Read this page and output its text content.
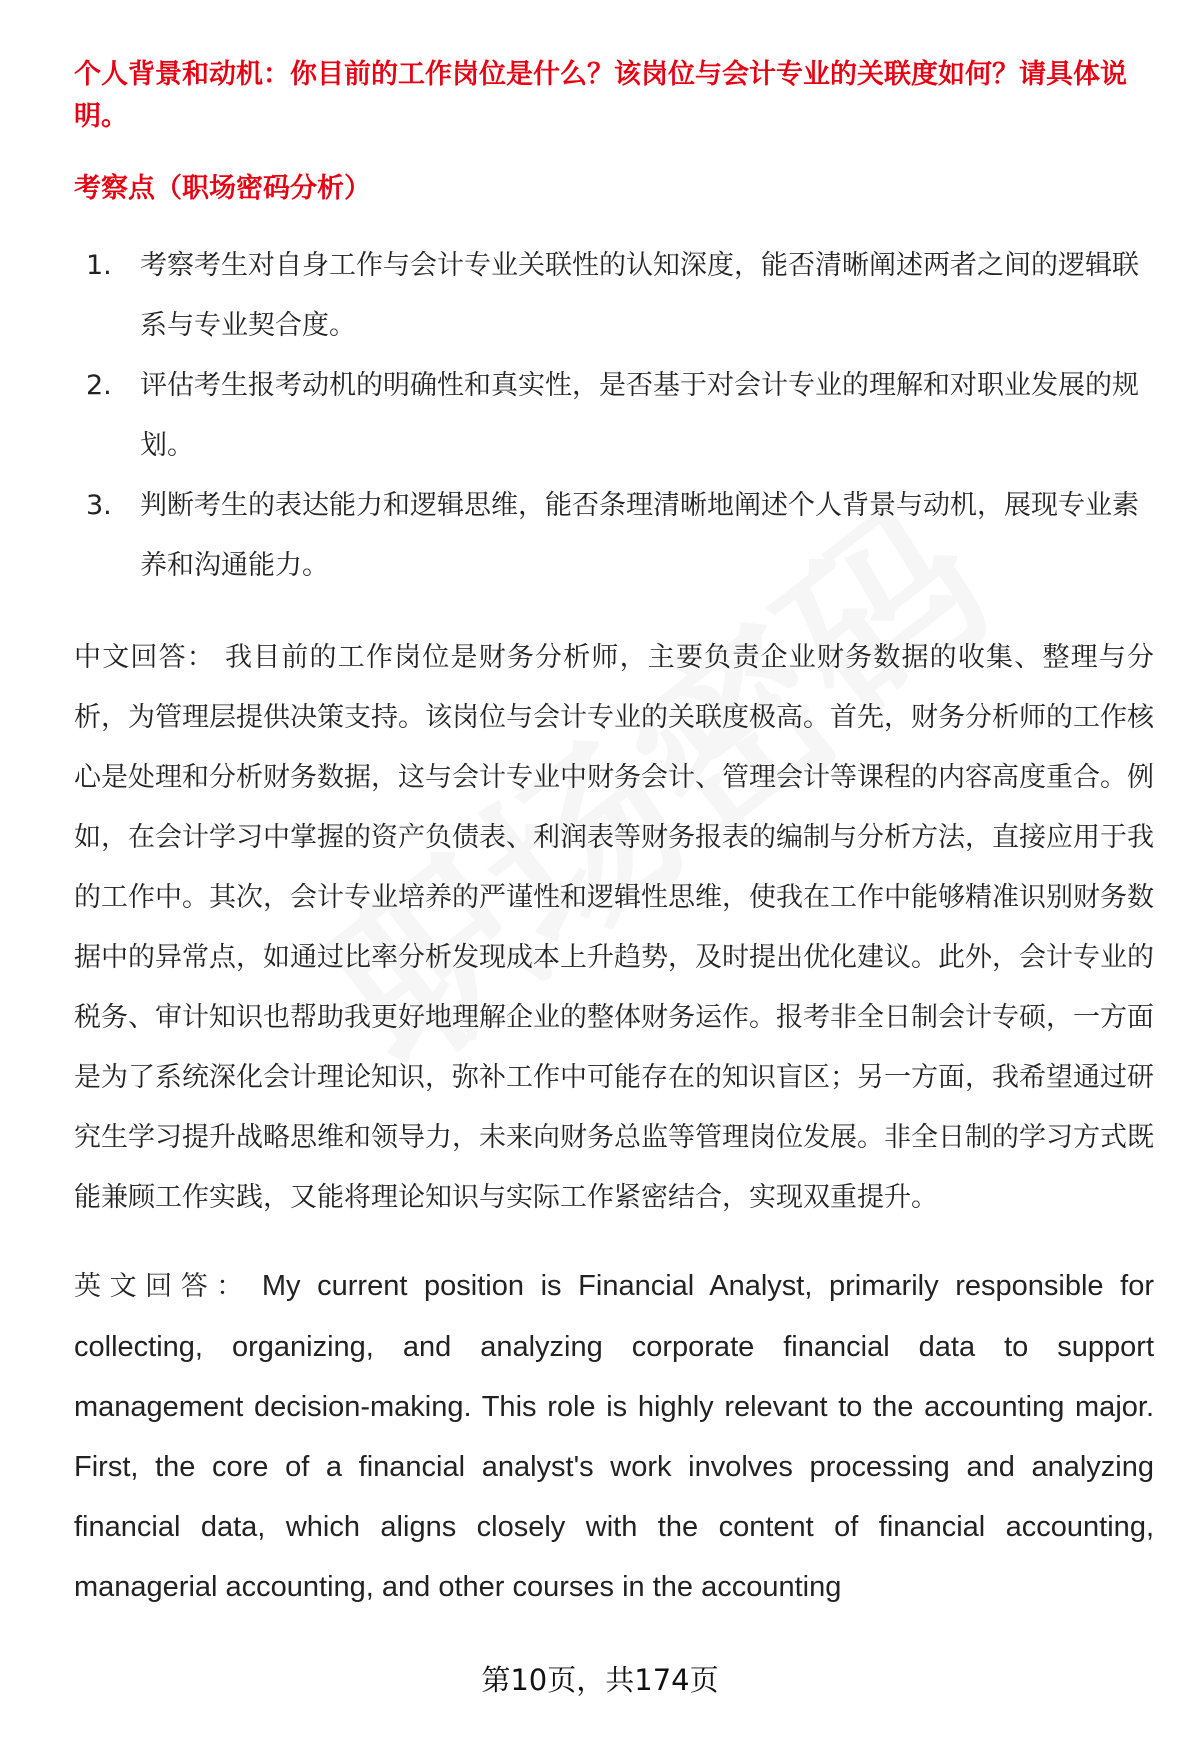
个人背景和动机：你目前的工作岗位是什么？该岗位与会计专业的关联度如何？请具体说明。

考察点（职场密码分析）

1.	考察考生对自身工作与会计专业关联性的认知深度，能否清晰阐述两者之间的逻辑联系与专业契合度。
2.	评估考生报考动机的明确性和真实性，是否基于对会计专业的理解和对职业发展的规划。
3.	判断考生的表达能力和逻辑思维，能否条理清晰地阐述个人背景与动机，展现专业素养和沟通能力。

中文回答： 我目前的工作岗位是财务分析师，主要负责企业财务数据的收集、整理与分析，为管理层提供决策支持。该岗位与会计专业的关联度极高。首先，财务分析师的工作核心是处理和分析财务数据，这与会计专业中财务会计、管理会计等课程的内容高度重合。例如，在会计学习中掌握的资产负债表、利润表等财务报表的编制与分析方法，直接应用于我的工作中。其次，会计专业培养的严谨性和逻辑性思维，使我在工作中能够精准识别财务数据中的异常点，如通过比率分析发现成本上升趋势，及时提出优化建议。此外，会计专业的税务、审计知识也帮助我更好地理解企业的整体财务运作。报考非全日制会计专硕，一方面是为了系统深化会计理论知识，弥补工作中可能存在的知识盲区；另一方面，我希望通过研究生学习提升战略思维和领导力，未来向财务总监等管理岗位发展。非全日制的学习方式既能兼顾工作实践，又能将理论知识与实际工作紧密结合，实现双重提升。

英文回答： My current position is Financial Analyst, primarily responsible for collecting, organizing, and analyzing corporate financial data to support management decision-making. This role is highly relevant to the accounting major. First, the core of a financial analyst's work involves processing and analyzing financial data, which aligns closely with the content of financial accounting, managerial accounting, and other courses in the accounting

第10页，共174页
